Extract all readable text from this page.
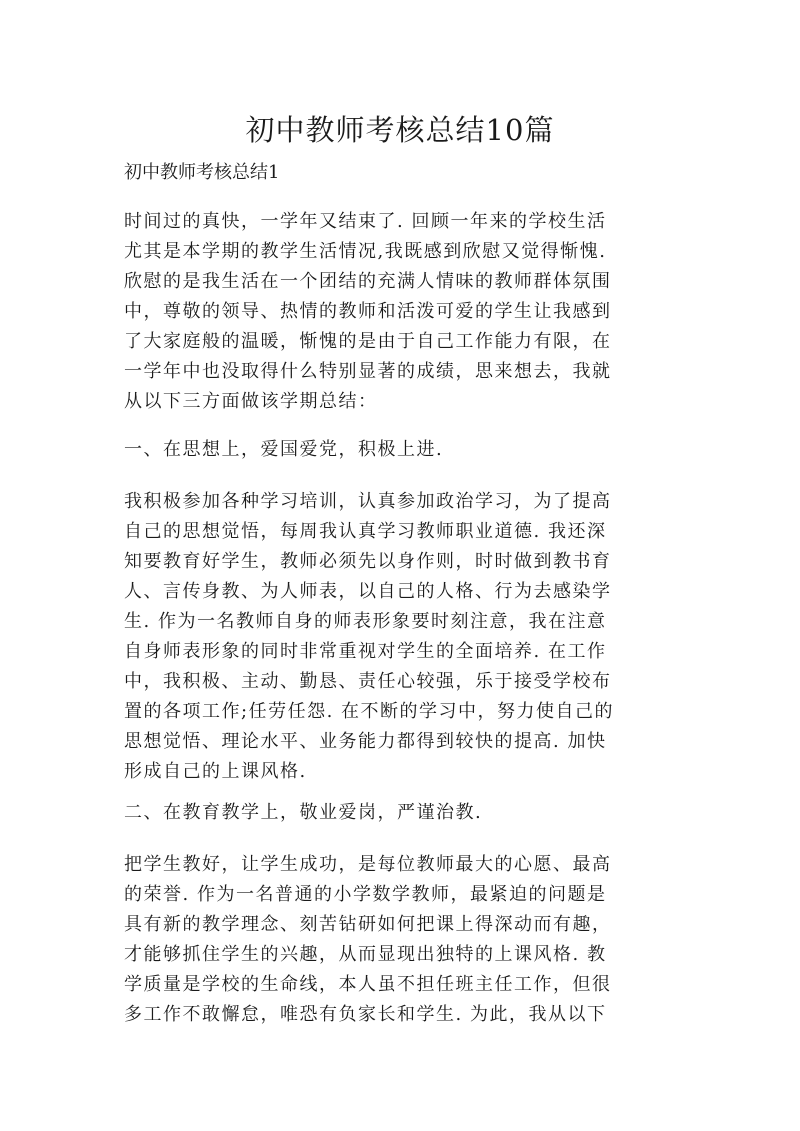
初中教师考核总结10篇

初中教师考核总结1

时间过的真快，一学年又结束了. 回顾一年来的学校生活
尤其是本学期的教学生活情况,我既感到欣慰又觉得惭愧.
欣慰的是我生活在一个团结的充满人情味的教师群体氛围
中，尊敬的领导、热情的教师和活泼可爱的学生让我感到
了大家庭般的温暖，惭愧的是由于自己工作能力有限，在
一学年中也没取得什么特别显著的成绩，思来想去，我就
从以下三方面做该学期总结：

一、在思想上，爱国爱党，积极上进.

我积极参加各种学习培训，认真参加政治学习，为了提高
自己的思想觉悟，每周我认真学习教师职业道德. 我还深
知要教育好学生，教师必须先以身作则，时时做到教书育
人、言传身教、为人师表，以自己的人格、行为去感染学
生. 作为一名教师自身的师表形象要时刻注意，我在注意
自身师表形象的同时非常重视对学生的全面培养. 在工作
中，我积极、主动、勤恳、责任心较强，乐于接受学校布
置的各项工作;任劳任怨. 在不断的学习中，努力使自己的
思想觉悟、理论水平、业务能力都得到较快的提高. 加快
形成自己的上课风格.

二、在教育教学上，敬业爱岗，严谨治教.

把学生教好，让学生成功，是每位教师最大的心愿、最高
的荣誉. 作为一名普通的小学数学教师，最紧迫的问题是
具有新的教学理念、刻苦钻研如何把课上得深动而有趣，
才能够抓住学生的兴趣，从而显现出独特的上课风格. 教
学质量是学校的生命线，本人虽不担任班主任工作，但很
多工作不敢懈怠，唯恐有负家长和学生. 为此，我从以下
